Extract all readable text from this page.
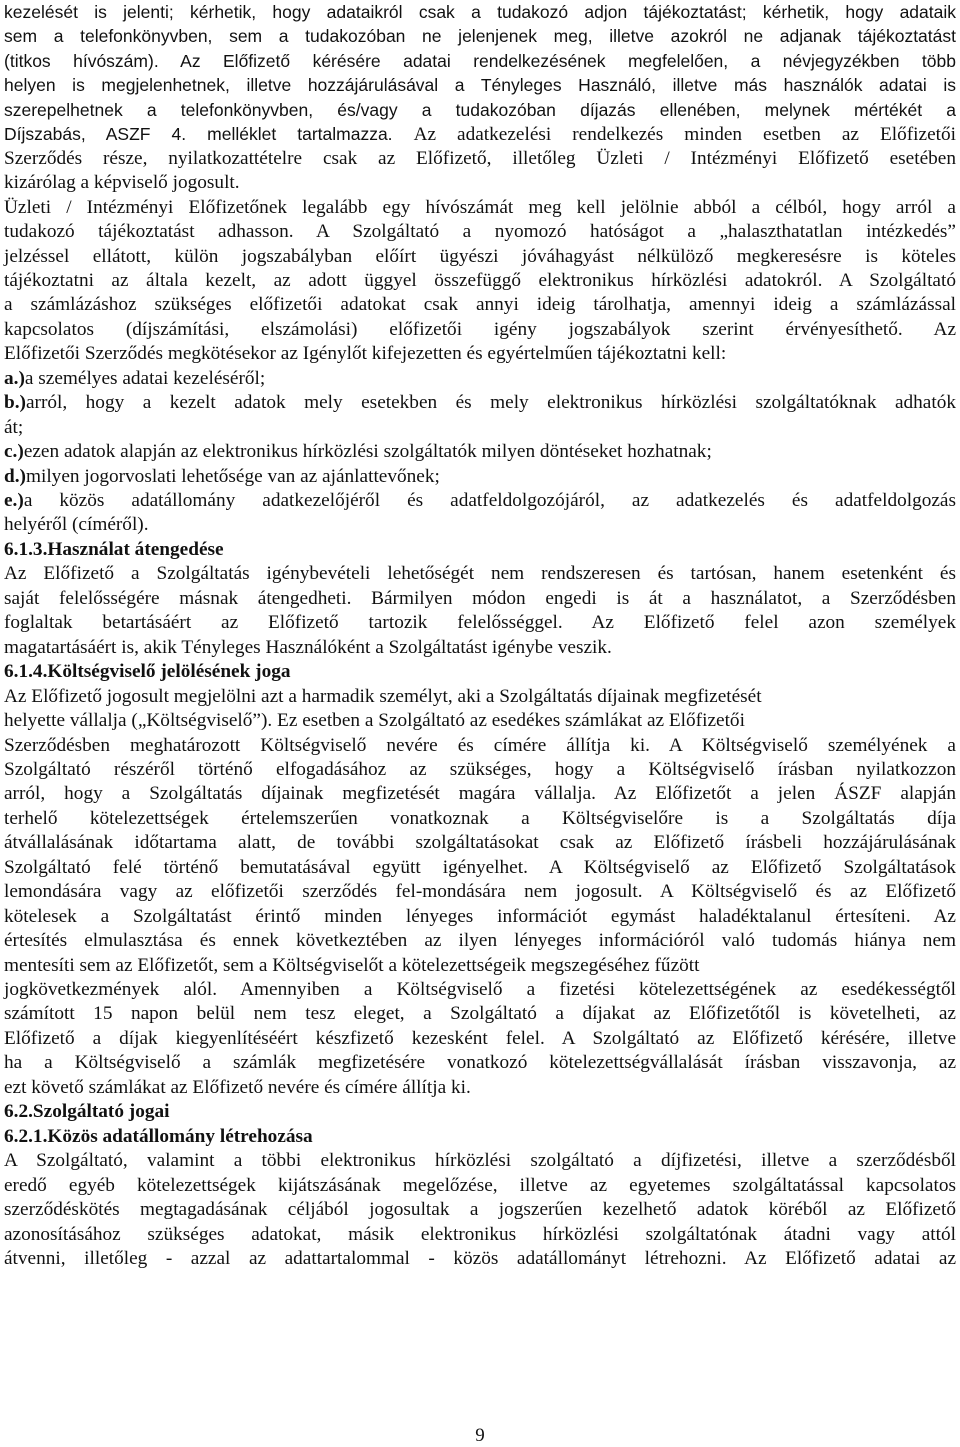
kezelését is jelenti; kérhetik, hogy adataikról csak a tudakozó adjon tájékoztatást; kérhetik, hogy adataik
sem a telefonkönyvben, sem a tudakozóban ne jelenjenek meg, illetve azokról ne adjanak tájékoztatást
(titkos hívószám). Az Előfizető kérésére adatai rendelkezésének megfelelően, a névjegyzékben több
helyen is megjelenhetnek, illetve hozzájárulásával a Tényleges Használó, illetve más használók adatai is
szerepelhetnek a telefonkönyvben, és/vagy a tudakozóban díjazás ellenében, melynek mértékét a
Díjszabás, ASZF 4. melléklet tartalmazza. Az adatkezelési rendelkezés minden esetben az Előfizetői
Szerződés része, nyilatkozattételre csak az Előfizető, illetőleg Üzleti / Intézményi Előfizető esetében
kizárólag a képviselő jogosult.
Üzleti / Intézményi Előfizetőnek legalább egy hívószámát meg kell jelölnie abból a célból, hogy arról a
tudakozó tájékoztatást adhasson. A Szolgáltató a nyomozó hatóságot a „halaszthatatlan intézkedés”
jelzéssel ellátott, külön jogszabályban előírt ügyészi jóváhagyást nélkülöző megkeresésre is köteles
tájékoztatni az általa kezelt, az adott üggyel összefüggő elektronikus hírközlési adatokról. A Szolgáltató
a számlázáshoz szükséges előfizetői adatokat csak annyi ideig tárolhatja, amennyi ideig a számlázással
kapcsolatos (díjszámítási, elszámolási) előfizetői igény jogszabályok szerint érvényesíthető. Az
Előfizetői Szerződés megkötésekor az Igénylőt kifejezetten és egyértelműen tájékoztatni kell:
a.)a személyes adatai kezeléséről;
b.)arról, hogy a kezelt adatok mely esetekben és mely elektronikus hírközlési szolgáltatóknak adhatók
át;
c.)ezen adatok alapján az elektronikus hírközlési szolgáltatók milyen döntéseket hozhatnak;
d.)milyen jogorvoslati lehetősége van az ajánlattevőnek;
e.)a közös adatállomány adatkezelőjéről és adatfeldolgozójáról, az adatkezelés és adatfeldolgozás
helyéről (címéről).
6.1.3.Használat átengedése
Az Előfizető a Szolgáltatás igénybevételi lehetőségét nem rendszeresen és tartósan, hanem esetenként és
saját felelősségére másnak átengedheti. Bármilyen módon engedi is át a használatot, a Szerződésben
foglaltak betartásáért az Előfizető tartozik felelősséggel. Az Előfizető felel azon személyek
magatartásáért is, akik Tényleges Használóként a Szolgáltatást igénybe veszik.
6.1.4.Költségviselő jelölésének joga
Az Előfizető jogosult megjelölni azt a harmadik személyt, aki a Szolgáltatás díjainak megfizetését
helyette vállalja („Költségviselő”). Ez esetben a Szolgáltató az esedékes számlákat az Előfizetői
Szerződésben meghatározott Költségviselő nevére és címére állítja ki. A Költségviselő személyének a
Szolgáltató részéről történő elfogadásához az szükséges, hogy a Költségviselő írásban nyilatkozzon
arról, hogy a Szolgáltatás díjainak megfizetését magára vállalja. Az Előfizetőt a jelen ÁSZF alapján
terhelő kötelezettségek értelemszerűen vonatkoznak a Költségviselőre is a Szolgáltatás díja
átvállalásának időtartama alatt, de további szolgáltatásokat csak az Előfizető írásbeli hozzájárulásának
Szolgáltató felé történő bemutatásával együtt igényelhet. A Költségviselő az Előfizető Szolgáltatások
lemondására vagy az előfizetői szerződés fel-mondására nem jogosult. A Költségviselő és az Előfizető
kötelesek a Szolgáltatást érintő minden lényeges információt egymást haladéktalanul értesíteni. Az
értesítés elmulasztása és ennek következtében az ilyen lényeges információról való tudomás hiánya nem
mentesíti sem az Előfizetőt, sem a Költségviselőt a kötelezettségeik megszegéséhez fűzött
jogkövetkezmények alól. Amennyiben a Költségviselő a fizetési kötelezettségének az esedékességtől
számított 15 napon belül nem tesz eleget, a Szolgáltató a díjakat az Előfizetőtől is követelheti, az
Előfizető a díjak kiegyenlítéséért készfizető kezesként felel. A Szolgáltató az Előfizető kérésére, illetve
ha a Költségviselő a számlák megfizetésére vonatkozó kötelezettségvállalását írásban visszavonja, az
ezt követő számlákat az Előfizető nevére és címére állítja ki.
6.2.Szolgáltató jogai
6.2.1.Közös adatállomány létrehozása
A Szolgáltató, valamint a többi elektronikus hírközlési szolgáltató a díjfizetési, illetve a szerződésből
eredő egyéb kötelezettségek kijátszásának megelőzése, illetve az egyetemes szolgáltatással kapcsolatos
szerződéskötés megtagadásának céljából jogosultak a jogszerűen kezelhető adatok köréből az Előfizető
azonosításához szükséges adatokat, másik elektronikus hírközlési szolgáltatónak átadni vagy attól
átvenni, illetőleg - azzal az adattartalommal - közös adatállományt létrehozni. Az Előfizető adatai az
9
